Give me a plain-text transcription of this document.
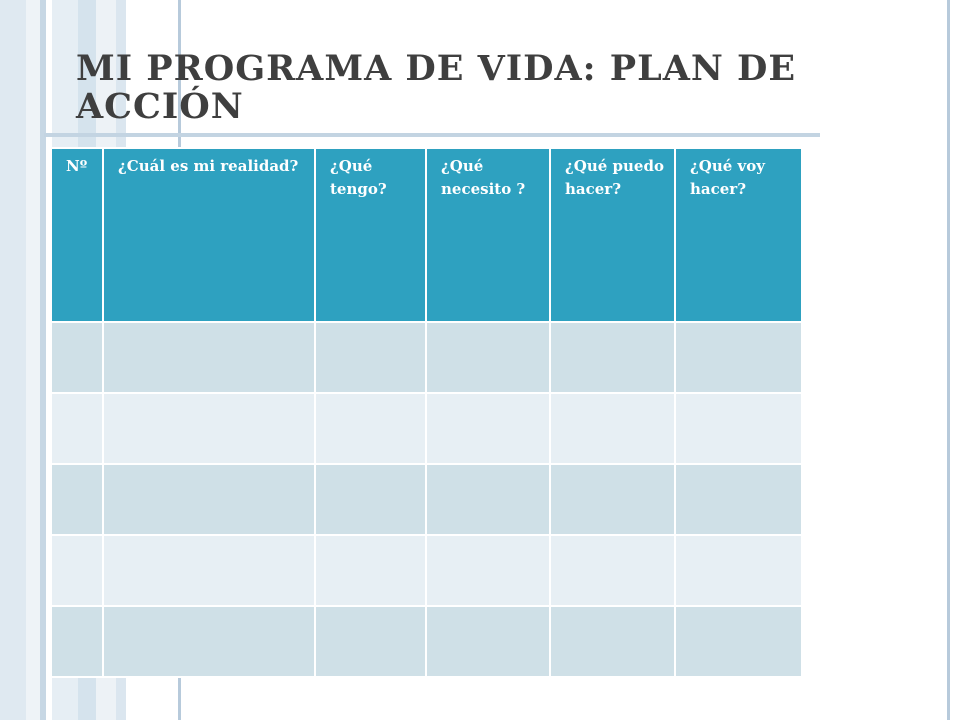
MI PROGRAMA DE VIDA: PLAN DE ACCIÓN
Nº	¿Cuál es mi realidad?	¿Qué tengo?	¿Qué necesito ?	¿Qué puedo hacer?	¿Qué voy hacer?
